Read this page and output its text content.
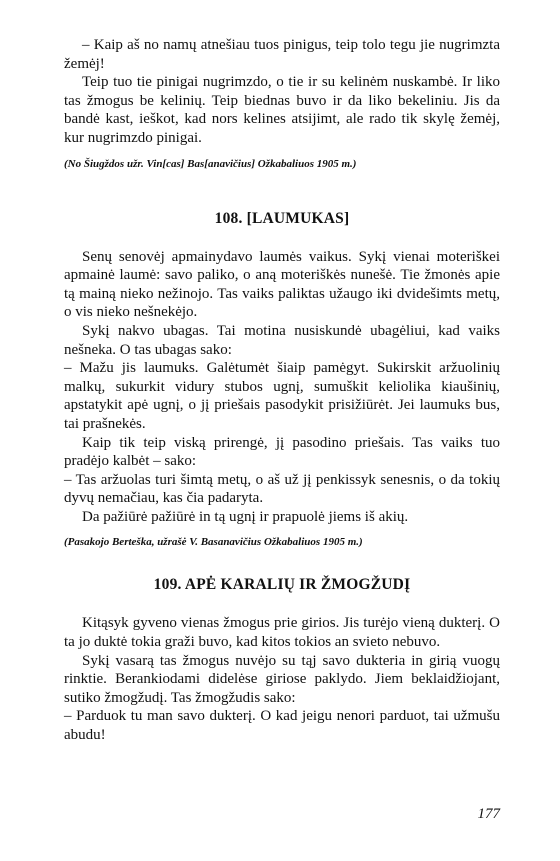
– Kaip aš no namų atnešiau tuos pinigus, teip tolo tegu jie nugrimzta žemėj!

Teip tuo tie pinigai nugrimzdo, o tie ir su kelinėm nuskambė. Ir liko tas žmogus be kelinių. Teip biednas buvo ir da liko bekeliniu. Jis da bandė kast, ieškot, kad nors kelines atsijimt, ale rado tik skylę žemėj, kur nugrimzdo pinigai.

(No Šiugždos užr. Vin[cas] Bas[anavičius] Ožkabaliuos 1905 m.)

108. [LAUMUKAS]

Senų senovėj apmainydavo laumės vaikus. Sykį vienai moteriškei apmainė laumė: savo paliko, o aną moteriškės nunešė. Tie žmonės apie tą mainą nieko nežinojo. Tas vaiks paliktas užaugo iki dvidešimts metų, o vis nieko nešnekėjo.

Sykį nakvo ubagas. Tai motina nusiskundė ubagėliui, kad vaiks nešneka. O tas ubagas sako:

– Mažu jis laumuks. Galėtumėt šiaip pamėgyt. Sukirskit aržuolinių malkų, sukurkit vidury stubos ugnį, sumuškit keliolika kiaušinių, apstatykit apė ugnį, o jį priešais pasodykit prisižiūrėt. Jei laumuks bus, tai prašnekės.

Kaip tik teip viską prirengė, jį pasodino priešais. Tas vaiks tuo pradėjo kalbėt – sako:

– Tas aržuolas turi šimtą metų, o aš už jį penkissyk senesnis, o da tokių dyvų nemačiau, kas čia padaryta.

Da pažiūrė pažiūrė in tą ugnį ir prapuolė jiems iš akių.

(Pasakojo Berteška, užrašė V. Basanavičius Ožkabaliuos 1905 m.)

109. APĖ KARALIŲ IR ŽMOGŽUDĮ

Kitąsyk gyveno vienas žmogus prie girios. Jis turėjo vieną dukterį. O ta jo duktė tokia graži buvo, kad kitos tokios an svieto nebuvo.

Sykį vasarą tas žmogus nuvėjo su tąj savo dukteria in girią vuogų rinktie. Berankiodami didelėse giriose paklydo. Jiem beklaidžiojant, sutiko žmogžudį. Tas žmogžudis sako:

– Parduok tu man savo dukterį. O kad jeigu nenori parduot, tai užmušu abudu!

177
